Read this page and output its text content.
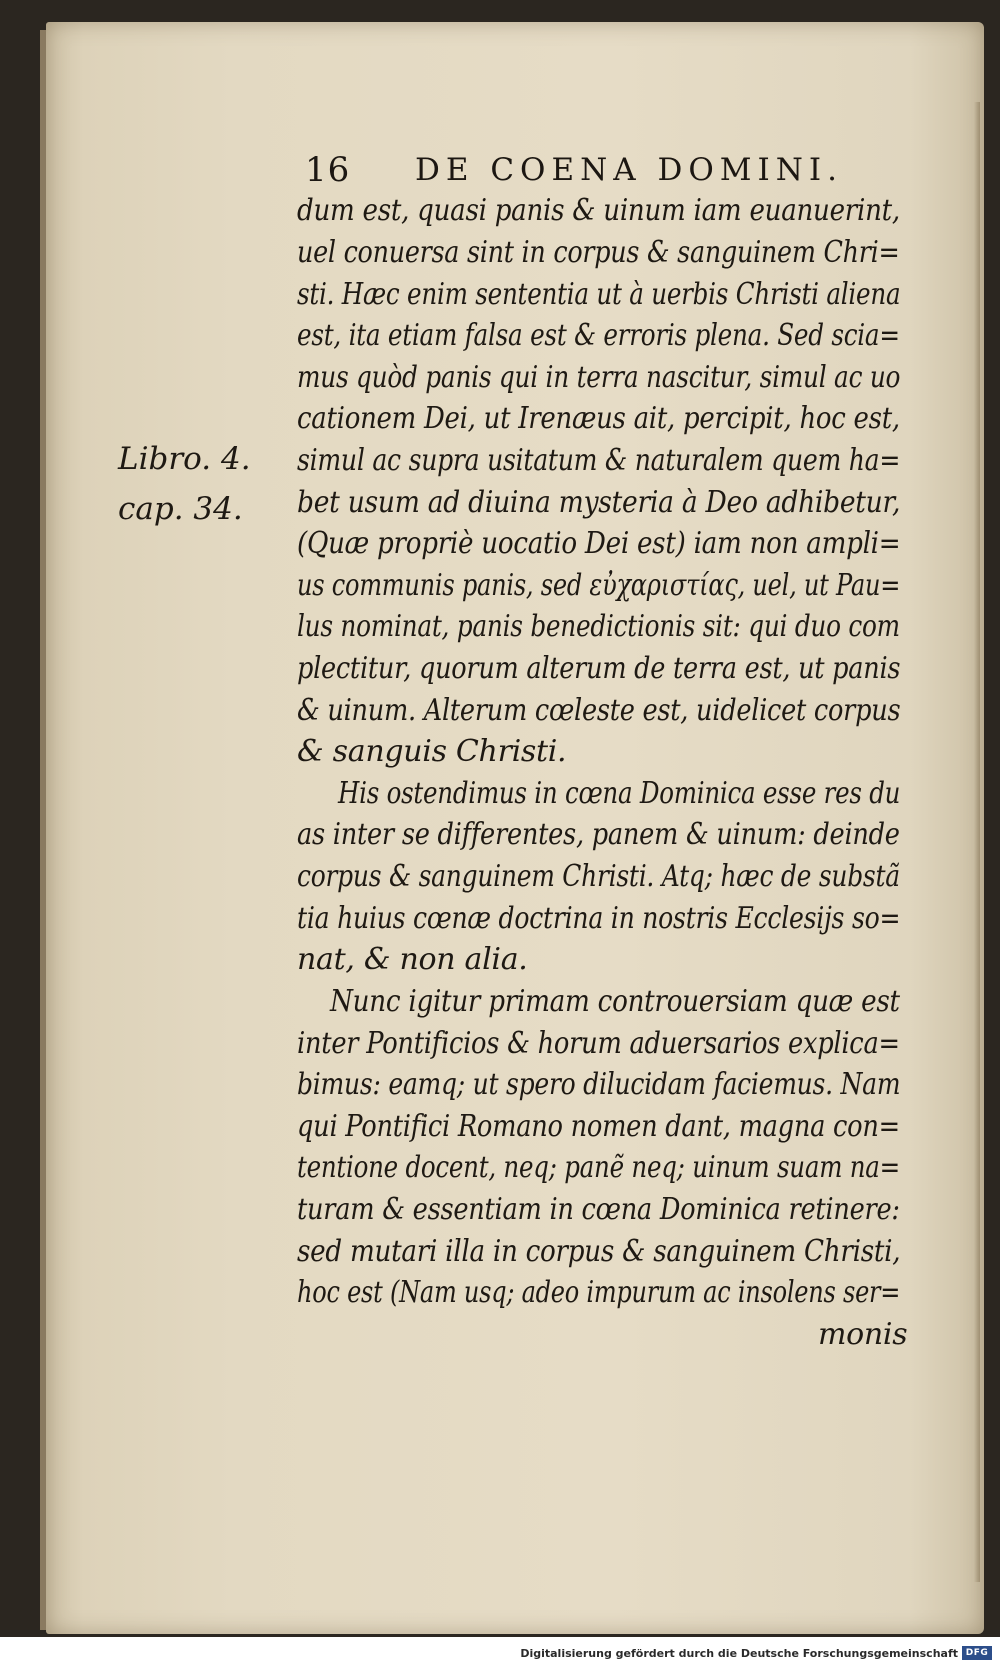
16 DE COENA DOMINI.
Libro. 4.
cap. 34.
dum est, quasi panis & uinum iam euanuerint,
uel conuersa sint in corpus & sanguinem Chri=
sti. Hæc enim sententia ut à uerbis Christi aliena
est, ita etiam falsa est & erroris plena. Sed scia=
mus quòd panis qui in terra nascitur, simul ac uo
cationem Dei, ut Irenæus ait, percipit, hoc est,
simul ac supra usitatum & naturalem quem ha=
bet usum ad diuina mysteria à Deo adhibetur,
(Quæ propriè uocatio Dei est) iam non ampli=
us communis panis, sed εὐχαριστίας, uel, ut Pau=
lus nominat, panis benedictionis sit: qui duo com
plectitur, quorum alterum de terra est, ut panis
& uinum. Alterum cœleste est, uidelicet corpus
& sanguis Christi.
His ostendimus in cœna Dominica esse res du
as inter se differentes, panem & uinum: deinde
corpus & sanguinem Christi. Atq; hæc de substã
tia huius cœnæ doctrina in nostris Ecclesijs so=
nat, & non alia.
Nunc igitur primam controuersiam quæ est
inter Pontificios & horum aduersarios explica=
bimus: eamq; ut spero dilucidam faciemus. Nam
qui Pontifici Romano nomen dant, magna con=
tentione docent, neq; panẽ neq; uinum suam na=
turam & essentiam in cœna Dominica retinere:
sed mutari illa in corpus & sanguinem Christi,
hoc est (Nam usq; adeo impurum ac insolens ser=
monis
Digitalisierung gefördert durch die Deutsche Forschungsgemeinschaft DFG
